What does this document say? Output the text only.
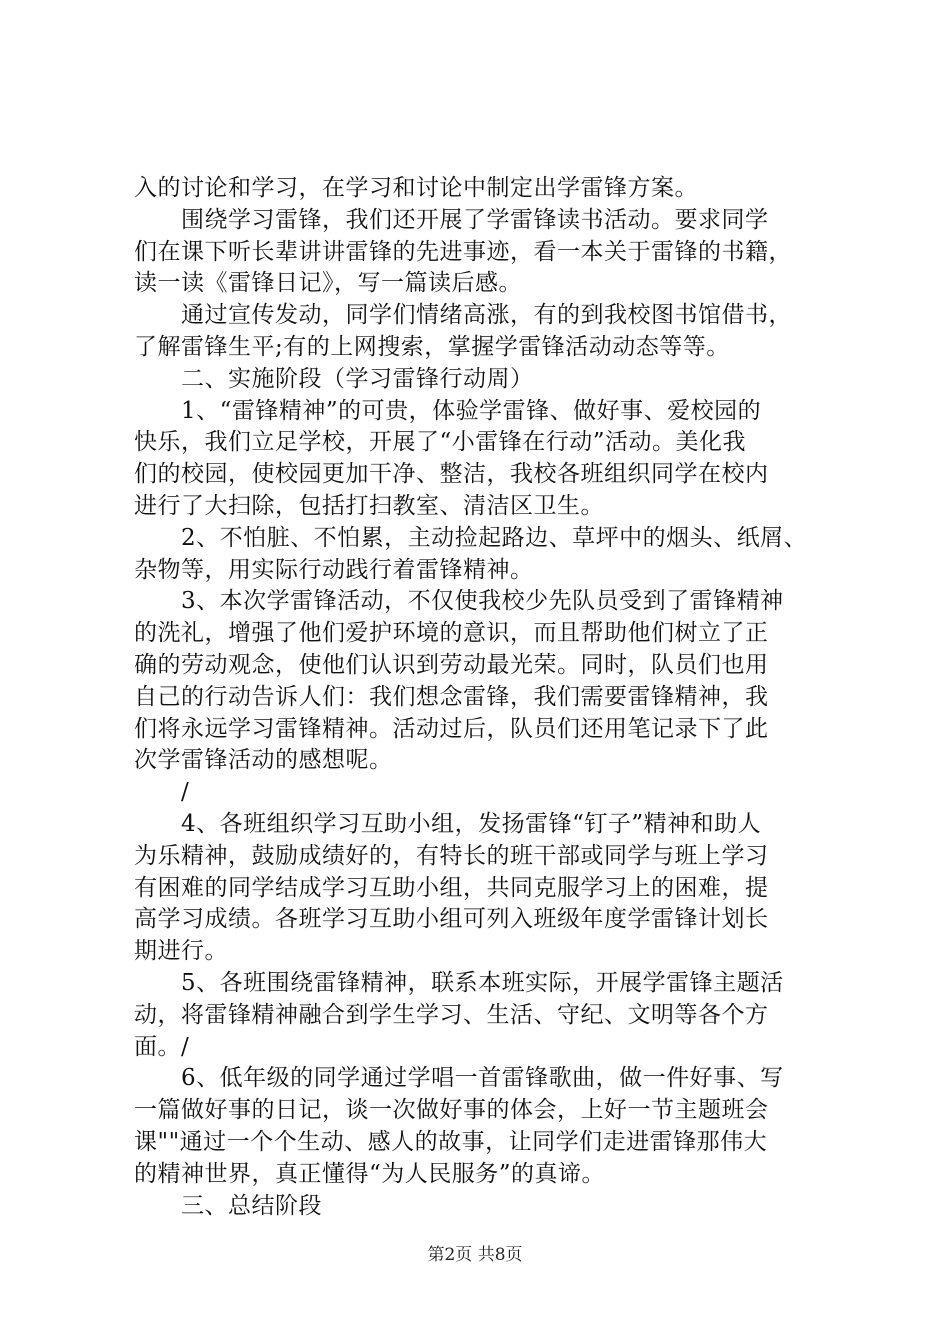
入的讨论和学习，在学习和讨论中制定出学雷锋方案。
围绕学习雷锋，我们还开展了学雷锋读书活动。要求同学
们在课下听长辈讲讲雷锋的先进事迹，看一本关于雷锋的书籍，
读一读《雷锋日记》，写一篇读后感。
通过宣传发动，同学们情绪高涨，有的到我校图书馆借书，
了解雷锋生平;有的上网搜索，掌握学雷锋活动动态等等。
二、实施阶段（学习雷锋行动周）
1、“雷锋精神”的可贵，体验学雷锋、做好事、爱校园的
快乐，我们立足学校，开展了“小雷锋在行动”活动。美化我
们的校园，使校园更加干净、整洁，我校各班组织同学在校内
进行了大扫除，包括打扫教室、清洁区卫生。
2、不怕脏、不怕累，主动捡起路边、草坪中的烟头、纸屑、
杂物等，用实际行动践行着雷锋精神。
3、本次学雷锋活动，不仅使我校少先队员受到了雷锋精神
的洗礼，增强了他们爱护环境的意识，而且帮助他们树立了正
确的劳动观念，使他们认识到劳动最光荣。同时，队员们也用
自己的行动告诉人们：我们想念雷锋，我们需要雷锋精神，我
们将永远学习雷锋精神。活动过后，队员们还用笔记录下了此
次学雷锋活动的感想呢。
/
4、各班组织学习互助小组，发扬雷锋“钉子”精神和助人
为乐精神，鼓励成绩好的，有特长的班干部或同学与班上学习
有困难的同学结成学习互助小组，共同克服学习上的困难，提
高学习成绩。各班学习互助小组可列入班级年度学雷锋计划长
期进行。
5、各班围绕雷锋精神，联系本班实际，开展学雷锋主题活
动，将雷锋精神融合到学生学习、生活、守纪、文明等各个方
面。/
6、低年级的同学通过学唱一首雷锋歌曲，做一件好事、写
一篇做好事的日记，谈一次做好事的体会，上好一节主题班会
课""通过一个个生动、感人的故事，让同学们走进雷锋那伟大
的精神世界，真正懂得“为人民服务”的真谛。
三、总结阶段
第2页 共8页
